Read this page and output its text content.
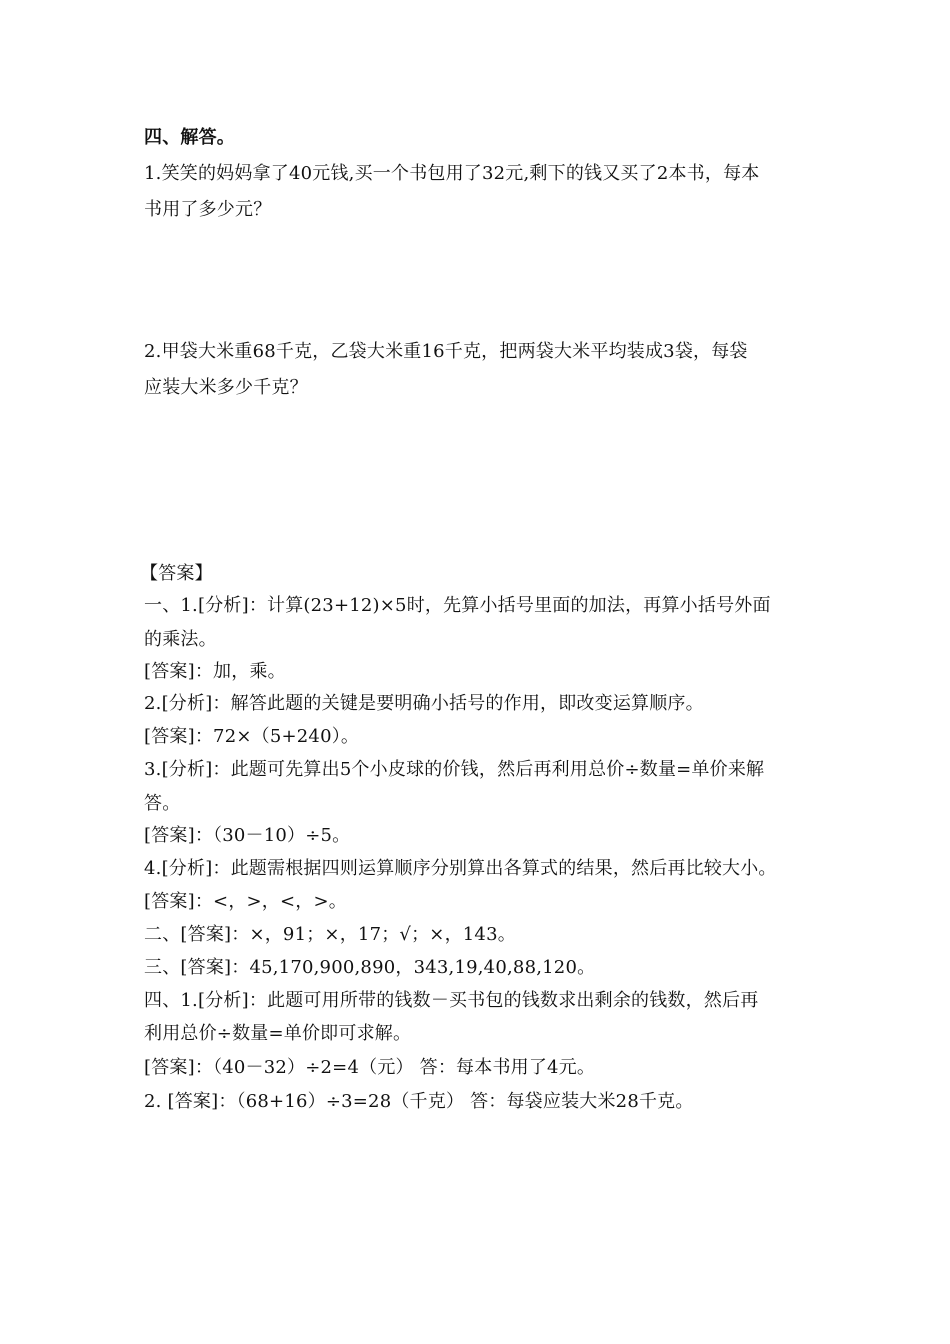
四、解答。
1.笑笑的妈妈拿了40元钱,买一个书包用了32元,剩下的钱又买了2本书，每本
书用了多少元？
2.甲袋大米重68千克，乙袋大米重16千克，把两袋大米平均装成3袋，每袋
应装大米多少千克？
【答案】
一、1.[分析]：计算(23+12)×5时，先算小括号里面的加法，再算小括号外面
的乘法。
[答案]：加，乘。
2.[分析]：解答此题的关键是要明确小括号的作用，即改变运算顺序。
[答案]：72×（5+240）。
3.[分析]：此题可先算出5个小皮球的价钱，然后再利用总价÷数量=单价来解
答。
[答案]：（30－10）÷5。
4.[分析]：此题需根据四则运算顺序分别算出各算式的结果，然后再比较大小。
[答案]：<，>，<，>。
二、[答案]：×，91；×，17；√；×，143。
三、[答案]：45,170,900,890，343,19,40,88,120。
四、1.[分析]：此题可用所带的钱数－买书包的钱数求出剩余的钱数，然后再
利用总价÷数量=单价即可求解。
[答案]：（40－32）÷2=4（元） 答：每本书用了4元。
2. [答案]：（68+16）÷3=28（千克） 答：每袋应装大米28千克。
